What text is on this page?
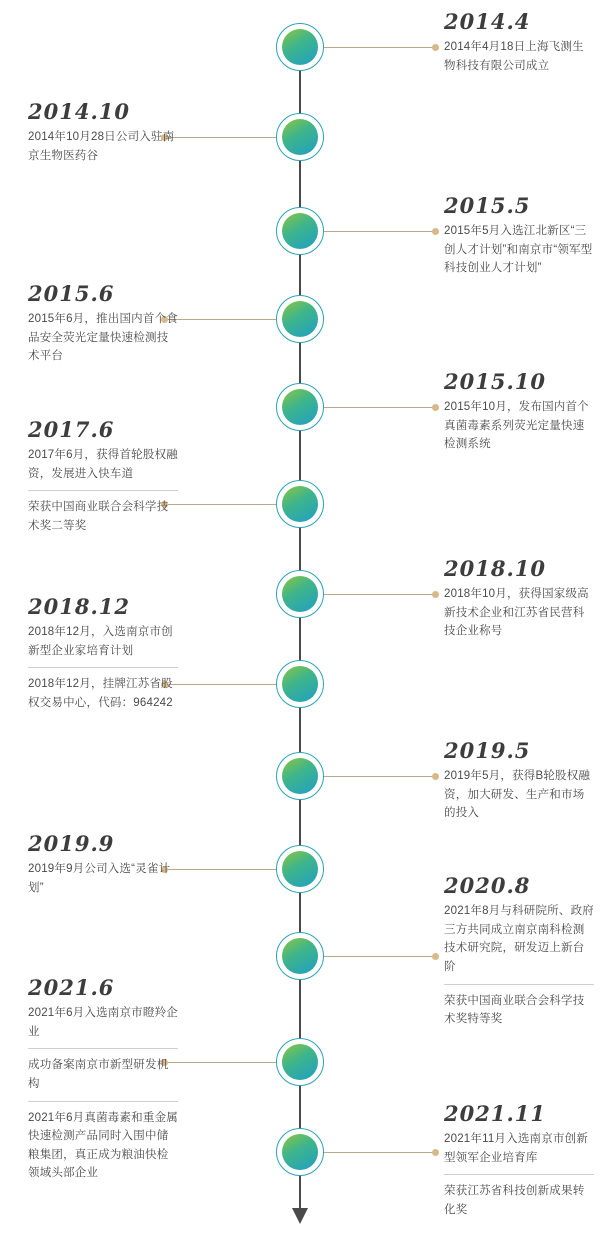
2014.4
2014年4月18日上海飞测生物科技有限公司成立
2014.10
2014年10月28日公司入驻南京生物医药谷
2015.5
2015年5月入选江北新区“三创人才计划”和南京市“领军型科技创业人才计划”
2015.6
2015年6月，推出国内首个食品安全荧光定量快速检测技术平台
2015.10
2015年10月，发布国内首个真菌毒素系列荧光定量快速检测系统
2017.6
2017年6月，获得首轮股权融资，发展进入快车道
荣获中国商业联合会科学技术奖二等奖
2018.10
2018年10月，获得国家级高新技术企业和江苏省民营科技企业称号
2018.12
2018年12月，入选南京市创新型企业家培育计划
2018年12月，挂牌江苏省股权交易中心，代码：964242
2019.5
2019年5月，获得B轮股权融资，加大研发、生产和市场的投入
2019.9
2019年9月公司入选“灵雀计划”	2020.8
2021年8月与科研院所、政府三方共同成立南京南科检测技术研究院，研发迈上新台阶
荣获中国商业联合会科学技术奖特等奖
2021.6
2021年6月入选南京市瞪羚企业
成功备案南京市新型研发机构
2021年6月真菌毒素和重金属快速检测产品同时入围中储粮集团，真正成为粮油快检领域头部企业
2021.11
2021年11月入选南京市创新型领军企业培育库
荣获江苏省科技创新成果转化奖
